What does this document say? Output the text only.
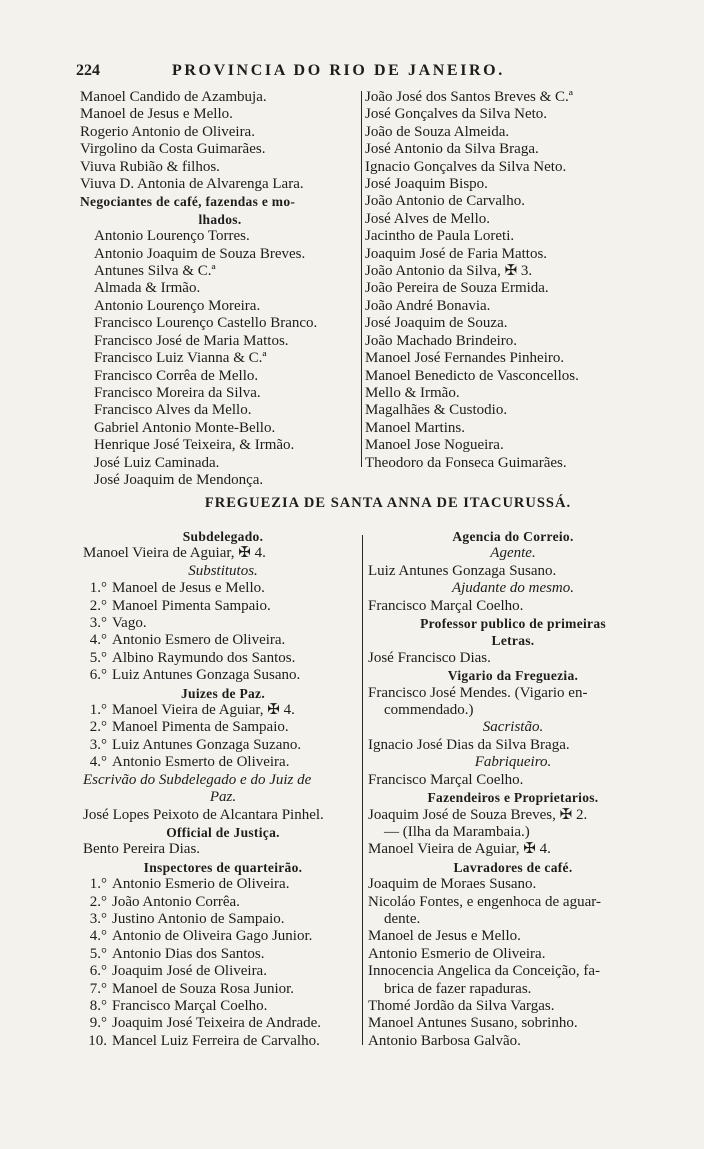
224	PROVINCIA DO RIO DE JANEIRO.
Manoel Candido de Azambuja.
Manoel de Jesus e Mello.
Rogerio Antonio de Oliveira.
Virgolino da Costa Guimarães.
Viuva Rubião & filhos.
Viuva D. Antonia de Alvarenga Lara.
Negociantes de café, fazendas e mo-
lhados.
Antonio Lourenço Torres.
Antonio Joaquim de Souza Breves.
Antunes Silva & C.ª
Almada & Irmão.
Antonio Lourenço Moreira.
Francisco Lourenço Castello Branco.
Francisco José de Maria Mattos.
Francisco Luiz Vianna & C.ª
Francisco Corrêa de Mello.
Francisco Moreira da Silva.
Francisco Alves da Mello.
Gabriel Antonio Monte-Bello.
Henrique José Teixeira, & Irmão.
José Luiz Caminada.
José Joaquim de Mendonça.
João José dos Santos Breves & C.ª
José Gonçalves da Silva Neto.
João de Souza Almeida.
José Antonio da Silva Braga.
Ignacio Gonçalves da Silva Neto.
José Joaquim Bispo.
João Antonio de Carvalho.
José Alves de Mello.
Jacintho de Paula Loreti.
Joaquim José de Faria Mattos.
João Antonio da Silva, ✠ 3.
João Pereira de Souza Ermida.
João André Bonavia.
José Joaquim de Souza.
João Machado Brindeiro.
Manoel José Fernandes Pinheiro.
Manoel Benedicto de Vasconcellos.
Mello & Irmão.
Magalhães & Custodio.
Manoel Martins.
Manoel Jose Nogueira.
Theodoro da Fonseca Guimarães.
FREGUEZIA DE SANTA ANNA DE ITACURUSSÁ.
Subdelegado.
Manoel Vieira de Aguiar, ✠ 4.
Substitutos.
1.° Manoel de Jesus e Mello.
2.° Manoel Pimenta Sampaio.
3.° Vago.
4.° Antonio Esmero de Oliveira.
5.° Albino Raymundo dos Santos.
6.° Luiz Antunes Gonzaga Susano.
Juizes de Paz.
1.° Manoel Vieira de Aguiar, ✠ 4.
2.° Manoel Pimenta de Sampaio.
3.° Luiz Antunes Gonzaga Suzano.
4.° Antonio Esmerto de Oliveira.
Escrivão do Subdelegado e do Juiz de
Paz.
José Lopes Peixoto de Alcantara Pinhel.
Official de Justiça.
Bento Pereira Dias.
Inspectores de quarteirão.
1.° Antonio Esmerio de Oliveira.
2.° João Antonio Corrêa.
3.° Justino Antonio de Sampaio.
4.° Antonio de Oliveira Gago Junior.
5.° Antonio Dias dos Santos.
6.° Joaquim José de Oliveira.
7.° Manoel de Souza Rosa Junior.
8.° Francisco Marçal Coelho.
9.° Joaquim José Teixeira de Andrade.
10. Mancel Luiz Ferreira de Carvalho.
Agencia do Correio.
Agente.
Luiz Antunes Gonzaga Susano.
Ajudante do mesmo.
Francisco Marçal Coelho.
Professor publico de primeiras
Letras.
José Francisco Dias.
Vigario da Freguezia.
Francisco José Mendes. (Vigario en-
commendado.)
Sacristão.
Ignacio José Dias da Silva Braga.
Fabriqueiro.
Francisco Marçal Coelho.
Fazendeiros e Proprietarios.
Joaquim José de Souza Breves, ✠ 2.
— (Ilha da Marambaia.)
Manoel Vieira de Aguiar, ✠ 4.
Lavradores de café.
Joaquim de Moraes Susano.
Nicoláo Fontes, e engenhoca de aguar-
dente.
Manoel de Jesus e Mello.
Antonio Esmerio de Oliveira.
Innocencia Angelica da Conceição, fa-
brica de fazer rapaduras.
Thomé Jordão da Silva Vargas.
Manoel Antunes Susano, sobrinho.
Antonio Barbosa Galvão.
